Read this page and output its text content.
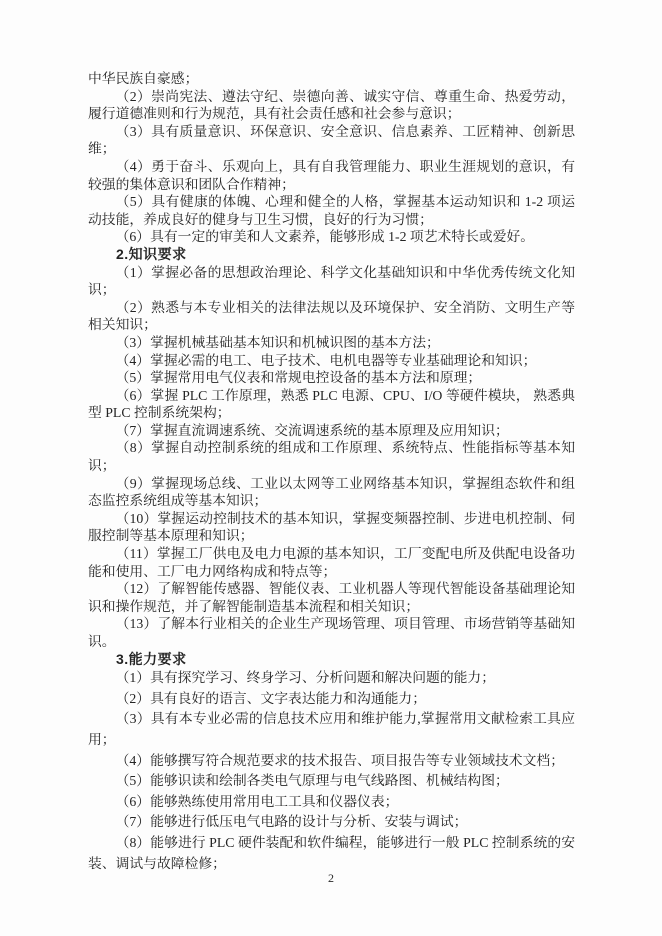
中华民族自豪感；

（2）崇尚宪法、遵法守纪、崇德向善、诚实守信、尊重生命、热爱劳动，履行道德准则和行为规范，具有社会责任感和社会参与意识；

（3）具有质量意识、环保意识、安全意识、信息素养、工匠精神、创新思维；

（4）勇于奋斗、乐观向上，具有自我管理能力、职业生涯规划的意识，有较强的集体意识和团队合作精神；

（5）具有健康的体魄、心理和健全的人格，掌握基本运动知识和 1-2 项运动技能，养成良好的健身与卫生习惯，良好的行为习惯；

（6）具有一定的审美和人文素养，能够形成 1-2 项艺术特长或爱好。

2.知识要求

（1）掌握必备的思想政治理论、科学文化基础知识和中华优秀传统文化知识；

（2）熟悉与本专业相关的法律法规以及环境保护、安全消防、文明生产等相关知识；

（3）掌握机械基础基本知识和机械识图的基本方法；

（4）掌握必需的电工、电子技术、电机电器等专业基础理论和知识；

（5）掌握常用电气仪表和常规电控设备的基本方法和原理；

（6）掌握 PLC 工作原理，熟悉 PLC 电源、CPU、I/O 等硬件模块， 熟悉典型 PLC 控制系统架构；

（7）掌握直流调速系统、交流调速系统的基本原理及应用知识；

（8）掌握自动控制系统的组成和工作原理、系统特点、性能指标等基本知识；

（9）掌握现场总线、工业以太网等工业网络基本知识，掌握组态软件和组态监控系统组成等基本知识；

（10）掌握运动控制技术的基本知识，掌握变频器控制、步进电机控制、伺服控制等基本原理和知识；

（11）掌握工厂供电及电力电源的基本知识，工厂变配电所及供配电设备功能和使用、工厂电力网络构成和特点等；

（12）了解智能传感器、智能仪表、工业机器人等现代智能设备基础理论知识和操作规范，并了解智能制造基本流程和相关知识；

（13）了解本行业相关的企业生产现场管理、项目管理、市场营销等基础知识。

3.能力要求

（1）具有探究学习、终身学习、分析问题和解决问题的能力；

（2）具有良好的语言、文字表达能力和沟通能力；

（3）具有本专业必需的信息技术应用和维护能力,掌握常用文献检索工具应用；

（4）能够撰写符合规范要求的技术报告、项目报告等专业领域技术文档；

（5）能够识读和绘制各类电气原理与电气线路图、机械结构图；

（6）能够熟练使用常用电工工具和仪器仪表；

（7）能够进行低压电气电路的设计与分析、安装与调试；

（8）能够进行 PLC 硬件装配和软件编程，能够进行一般 PLC 控制系统的安装、调试与故障检修；

2
